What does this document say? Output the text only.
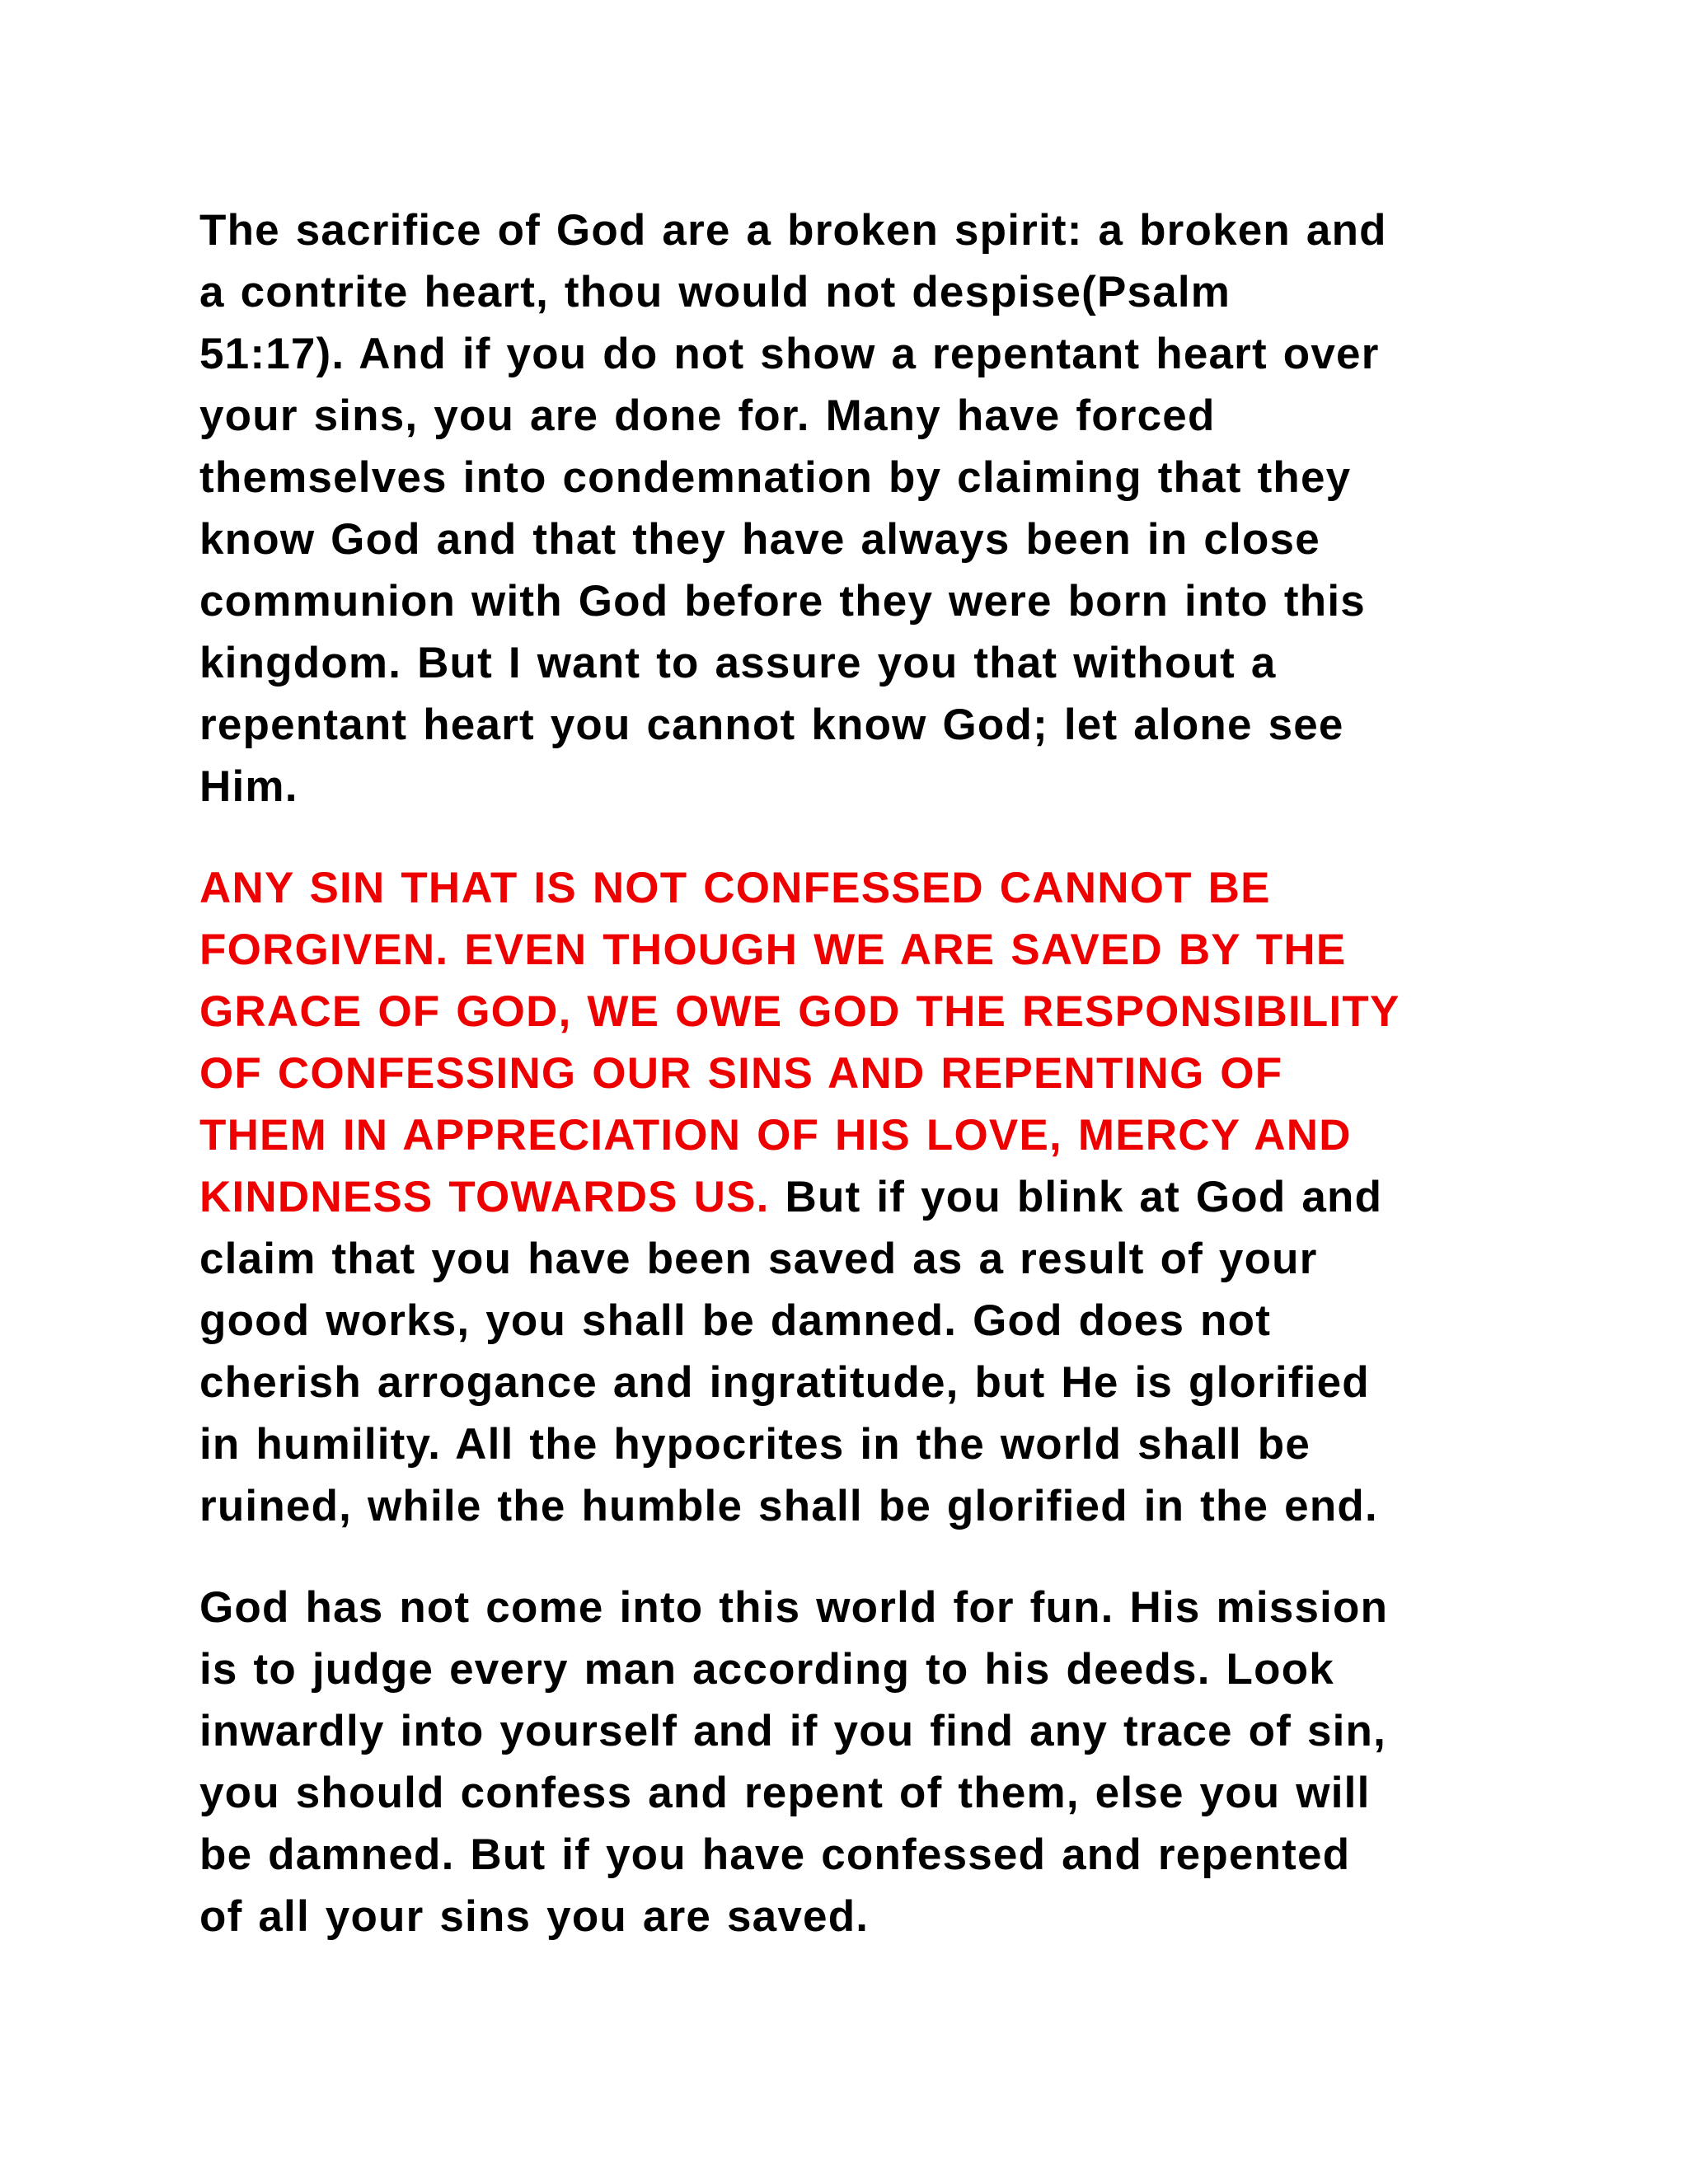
The sacrifice of God are a broken spirit: a broken and
a contrite heart, thou would not despise(Psalm
51:17). And if you do not show a repentant heart over
your sins, you are done for. Many have forced
themselves into condemnation by claiming that they
know God and that they have always been in close
communion with God before they were born into this
kingdom. But I want to assure you that without a
repentant heart you cannot know God; let alone see
Him.

ANY SIN THAT IS NOT CONFESSED CANNOT BE
FORGIVEN. EVEN THOUGH WE ARE SAVED BY THE
GRACE OF GOD, WE OWE GOD THE RESPONSIBILITY
OF CONFESSING OUR SINS AND REPENTING OF
THEM IN APPRECIATION OF HIS LOVE, MERCY AND
KINDNESS TOWARDS US. But if you blink at God and
claim that you have been saved as a result of your
good works, you shall be damned. God does not
cherish arrogance and ingratitude, but He is glorified
in humility. All the hypocrites in the world shall be
ruined, while the humble shall be glorified in the end.

God has not come into this world for fun. His mission
is to judge every man according to his deeds. Look
inwardly into yourself and if you find any trace of sin,
you should confess and repent of them, else you will
be damned. But if you have confessed and repented
of all your sins you are saved.
